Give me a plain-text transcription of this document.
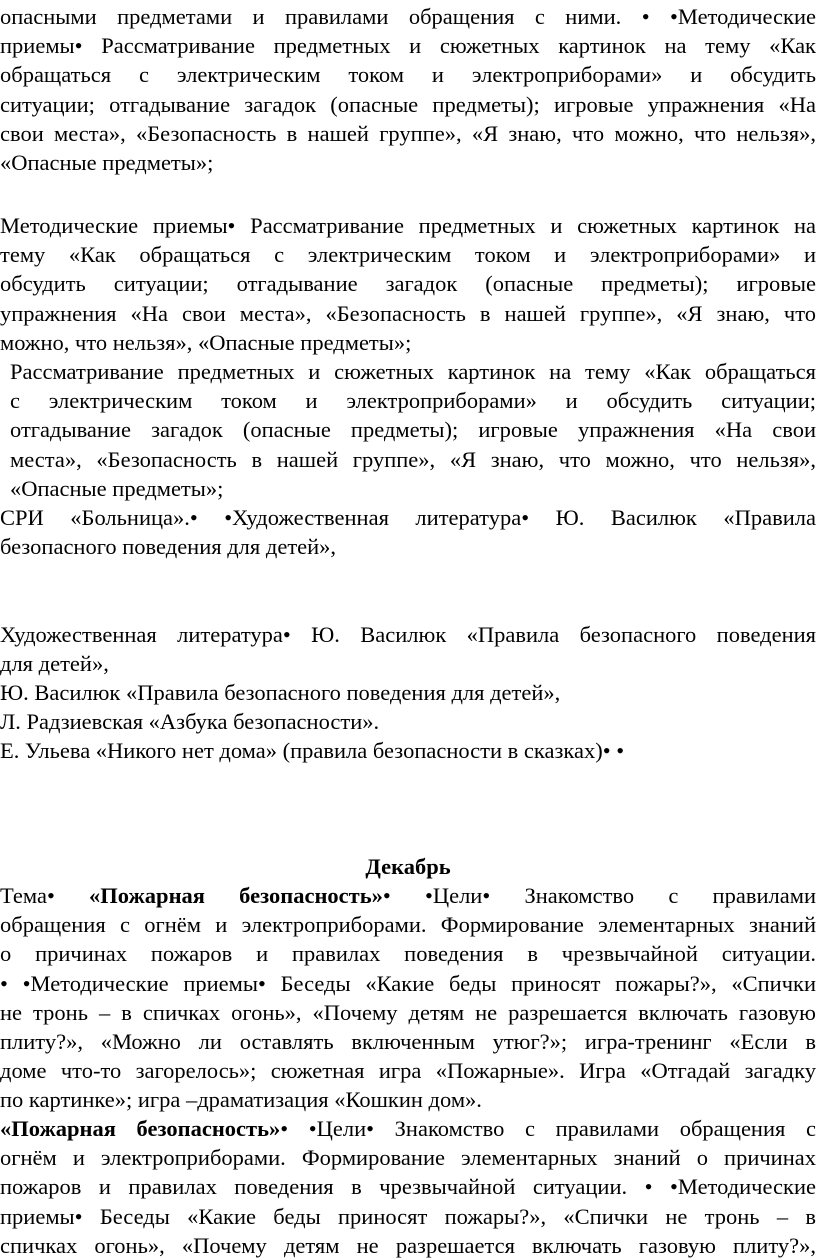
опасными предметами и правилами обращения с ними. • •Методические
приемы• Рассматривание предметных и сюжетных картинок на тему «Как
обращаться с электрическим током и электроприборами» и обсудить
ситуации; отгадывание загадок (опасные предметы); игровые упражнения «На
свои места», «Безопасность в нашей группе», «Я знаю, что можно, что нельзя»,
«Опасные предметы»;
Методические приемы• Рассматривание предметных и сюжетных картинок на
тему «Как обращаться с электрическим током и электроприборами» и
обсудить ситуации; отгадывание загадок (опасные предметы); игровые
упражнения «На свои места», «Безопасность в нашей группе», «Я знаю, что
можно, что нельзя», «Опасные предметы»;
Рассматривание предметных и сюжетных картинок на тему «Как обращаться
с электрическим током и электроприборами» и обсудить ситуации;
отгадывание загадок (опасные предметы); игровые упражнения «На свои
места», «Безопасность в нашей группе», «Я знаю, что можно, что нельзя»,
«Опасные предметы»;
СРИ «Больница».• •Художественная литература• Ю. Василюк «Правила
безопасного поведения для детей»,
Художественная литература• Ю. Василюк «Правила безопасного поведения
для детей»,
Ю. Василюк «Правила безопасного поведения для детей»,
Л. Радзиевская «Азбука безопасности».
Е. Ульева «Никого нет дома» (правила безопасности в сказках)• •
Декабрь
Тема• «Пожарная безопасность»• •Цели• Знакомство с правилами
обращения с огнём и электроприборами. Формирование элементарных знаний
о причинах пожаров и правилах поведения в чрезвычайной ситуации.
• •Методические приемы• Беседы «Какие беды приносят пожары?», «Спички
не тронь – в спичках огонь», «Почему детям не разрешается включать газовую
плиту?», «Можно ли оставлять включенным утюг?»; игра-тренинг «Если в
доме что-то загорелось»; сюжетная игра «Пожарные». Игра «Отгадай загадку
по картинке»; игра –драматизация «Кошкин дом».
«Пожарная безопасность»• •Цели• Знакомство с правилами обращения с
огнём и электроприборами. Формирование элементарных знаний о причинах
пожаров и правилах поведения в чрезвычайной ситуации. • •Методические
приемы• Беседы «Какие беды приносят пожары?», «Спички не тронь – в
спичках огонь», «Почему детям не разрешается включать газовую плиту?»,
